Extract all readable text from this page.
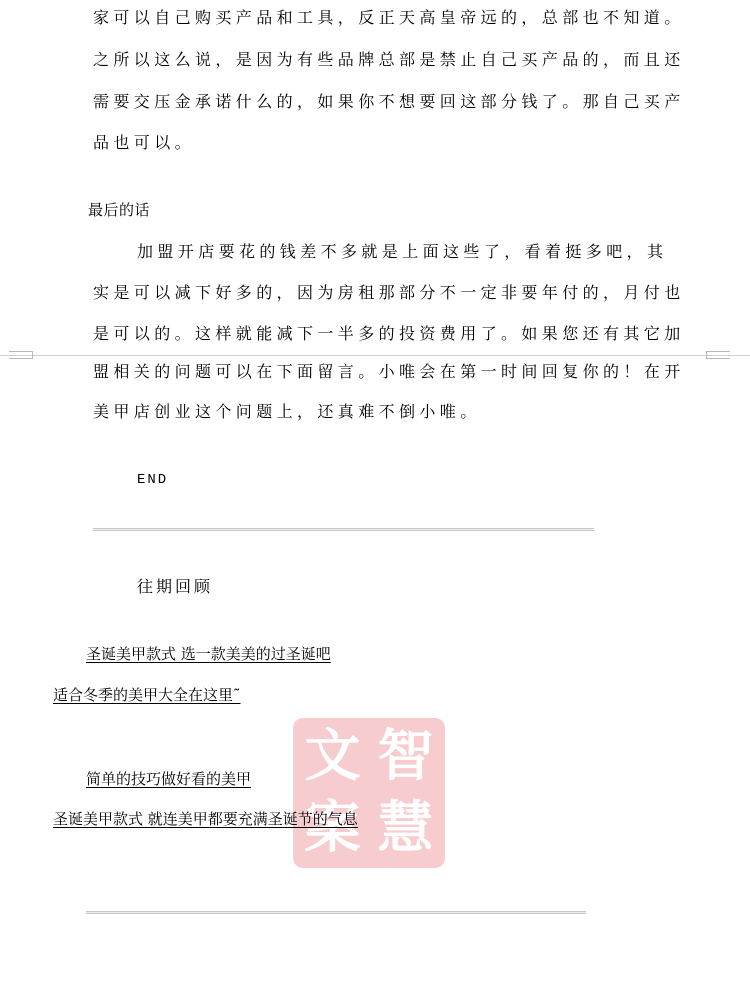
家可以自己购买产品和工具，反正天高皇帝远的，总部也不知道。
之所以这么说，是因为有些品牌总部是禁止自己买产品的，而且还
需要交压金承诺什么的，如果你不想要回这部分钱了。那自己买产
品也可以。
最后的话
加盟开店要花的钱差不多就是上面这些了，看着挺多吧，其
实是可以减下好多的，因为房租那部分不一定非要年付的，月付也
是可以的。这样就能减下一半多的投资费用了。如果您还有其它加
盟相关的问题可以在下面留言。小唯会在第一时间回复你的！在开
美甲店创业这个问题上，还真难不倒小唯。
END
往期回顾
圣诞美甲款式 选一款美美的过圣诞吧
适合冬季的美甲大全在这里˜
简单的技巧做好看的美甲
圣诞美甲款式 就连美甲都要充满圣诞节的气息
文 智
案 慧
